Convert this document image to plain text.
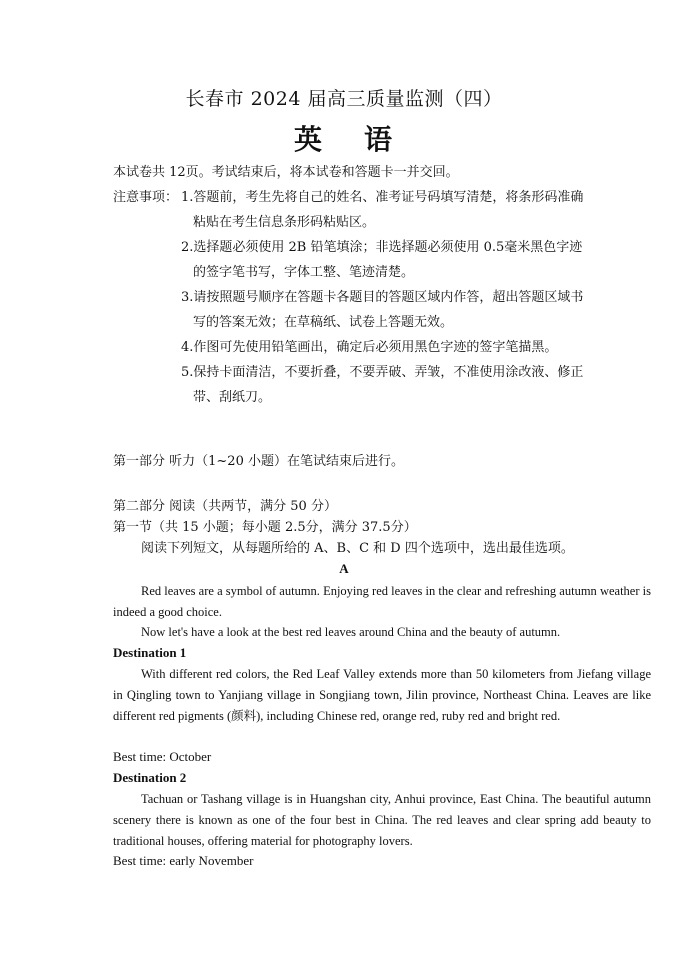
长春市 2024 届高三质量监测（四）
英 语
本试卷共 12页。考试结束后，将本试卷和答题卡一并交回。
注意事项： 1.答题前，考生先将自己的姓名、准考证号码填写清楚，将条形码准确
粘贴在考生信息条形码粘贴区。
2.选择题必须使用 2B 铅笔填涂；非选择题必须使用 0.5毫米黑色字迹
的签字笔书写，字体工整、笔迹清楚。
3.请按照题号顺序在答题卡各题目的答题区域内作答，超出答题区域书
写的答案无效；在草稿纸、试卷上答题无效。
4.作图可先使用铅笔画出，确定后必须用黑色字迹的签字笔描黑。
5.保持卡面清洁，不要折叠，不要弄破、弄皱，不准使用涂改液、修正
带、刮纸刀。
第一部分 听力（1~20 小题）在笔试结束后进行。
第二部分 阅读（共两节，满分 50 分）
第一节（共 15 小题；每小题 2.5分，满分 37.5分）
阅读下列短文，从每题所给的 A、B、C 和 D 四个选项中，选出最佳选项。
A
Red leaves are a symbol of autumn. Enjoying red leaves in the clear and refreshing autumn weather is indeed a good choice.
Now let's have a look at the best red leaves around China and the beauty of autumn.
Destination 1
With different red colors, the Red Leaf Valley extends more than 50 kilometers from Jiefang village in Qingling town to Yanjiang village in Songjiang town, Jilin province, Northeast China. Leaves are like different red pigments (颜料), including Chinese red, orange red, ruby red and bright red.
Best time: October
Destination 2
Tachuan or Tashang village is in Huangshan city, Anhui province, East China. The beautiful autumn scenery there is known as one of the four best in China. The red leaves and clear spring add beauty to traditional houses, offering material for photography lovers.
Best time: early November
